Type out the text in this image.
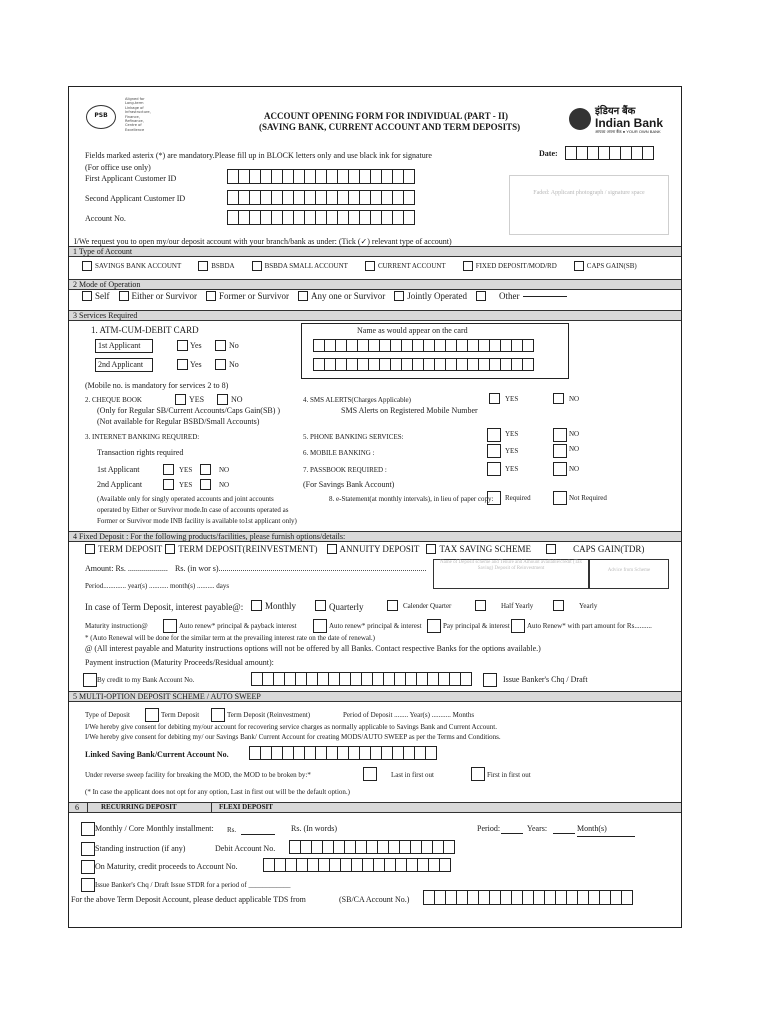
PSB
Aligned for Long-term Linkage of Infrastructure, Finance, Refinance, Centre of Excellence
ACCOUNT OPENING FORM FOR INDIVIDUAL (PART - II)
(SAVING BANK, CURRENT ACCOUNT AND TERM DEPOSITS)
इंडियन बैंक
Indian Bank
आपका अपना बैंक ● YOUR OWN BANK
Date:
Fields marked asterix (*) are mandatory.Please fill up in BLOCK letters only and use black ink for signature
(For office use only)
First Applicant Customer ID
Second Applicant Customer ID
Account No.
Faded: Applicant photograph / signature space
I/We request you to open my/our deposit account with your branch/bank as under: (Tick (✓) relevant type of account)
1 Type of Account
SAVINGS BANK ACCOUNT	BSBDA	BSBDA SMALL ACCOUNT	CURRENT ACCOUNT	FIXED DEPOSIT/MOD/RD	CAPS GAIN(SB)
2 Mode of Operation
Self Either or Survivor Former or Survivor Any one or Survivor Jointly Operated	Other
3 Services Required
1. ATM-CUM-DEBIT CARD
1st Applicant	Yes	No
2nd Applicant	Yes	No
Name as would appear on the card
(Mobile no. is mandatory for services 2 to 8)
2. CHEQUE BOOK	YES	NO
(Only for Regular SB/Current Accounts/Caps Gain(SB) )
(Not available for Regular BSBD/Small Accounts)
4. SMS ALERTS(Charges Applicable)
SMS Alerts on Registered Mobile Number
YES	NO
3. INTERNET BANKING REQUIRED:	5. PHONE BANKING SERVICES:	YES	NO
Transaction rights required	6. MOBILE BANKING :	YES	NO
1st Applicant	YES	NO
2nd Applicant	YES	NO
7. PASSBOOK REQUIRED :
(For Savings Bank Account)
YES	NO
(Available only for singly operated accounts and joint accounts	8. e-Statement(at monthly intervals), in lieu of paper copy: Required	Not Required
operated by Either or Survivor mode.In case of accounts operated as
Former or Survivor mode INB facility is available to1st applicant only)
4 Fixed Deposit : For the following products/facilities, please furnish options/details:
TERM DEPOSIT TERM DEPOSIT(REINVESTMENT) ANNUITY DEPOSIT TAX SAVING SCHEME	CAPS GAIN(TDR)
Amount: Rs. .................... Rs. (in wor s)........................................................................................................
Period............. year(s) ........... month(s) .......... days
Name of Deposit scheme and Tenure and Amount available/credit (Tax Saving) Deposit of Reinvestment	Advice from Scheme
In case of Term Deposit, interest payable@: Monthly	Quarterly	Calender Quarter	Half Yearly	Yearly
Maturity instruction@	Auto renew* principal & payback interest	Auto renew* principal & interest	Pay principal & interest Auto Renew* with part amount for Rs..........
* (Auto Renewal will be done for the similar term at the prevailing interest rate on the date of renewal.)
@ (All interest payable and Maturity instructions options will not be offered by all Banks. Contact respective Banks for the options available.)
Payment instruction (Maturity Proceeds/Residual amount):
By credit to my Bank Account No.	Issue Banker's Chq / Draft
5 MULTI-OPTION DEPOSIT SCHEME / AUTO SWEEP
Type of Deposit	Term Deposit	Term Deposit (Reinvestment)	Period of Deposit ........ Year(s) ........... Months
I/We hereby give consent for debiting my/our account for recovering service charges as normally applicable to Savings Bank and Current Account.
I/We hereby give consent for debiting my/ our Savings Bank/ Current Account for creating MODS/AUTO SWEEP as per the Terms and Conditions.
Linked Saving Bank/Current Account No.
Under reverse sweep facility for breaking the MOD, the MOD to be broken by:*	Last in first out	First in first out
(* In case the applicant does not opt for any option, Last in first out will be the default option.)
6	RECURRING DEPOSIT	FLEXI DEPOSIT
Monthly / Core Monthly installment: Rs.	Rs. (In words)	Period:	Years:	Month(s)
Standing instruction (if any)	Debit Account No.
On Maturity, credit proceeds to Account No.
Issue Banker's Chq / Draft Issue STDR for a period of ____________
For the above Term Deposit Account, please deduct applicable TDS from	(SB/CA Account No.)
